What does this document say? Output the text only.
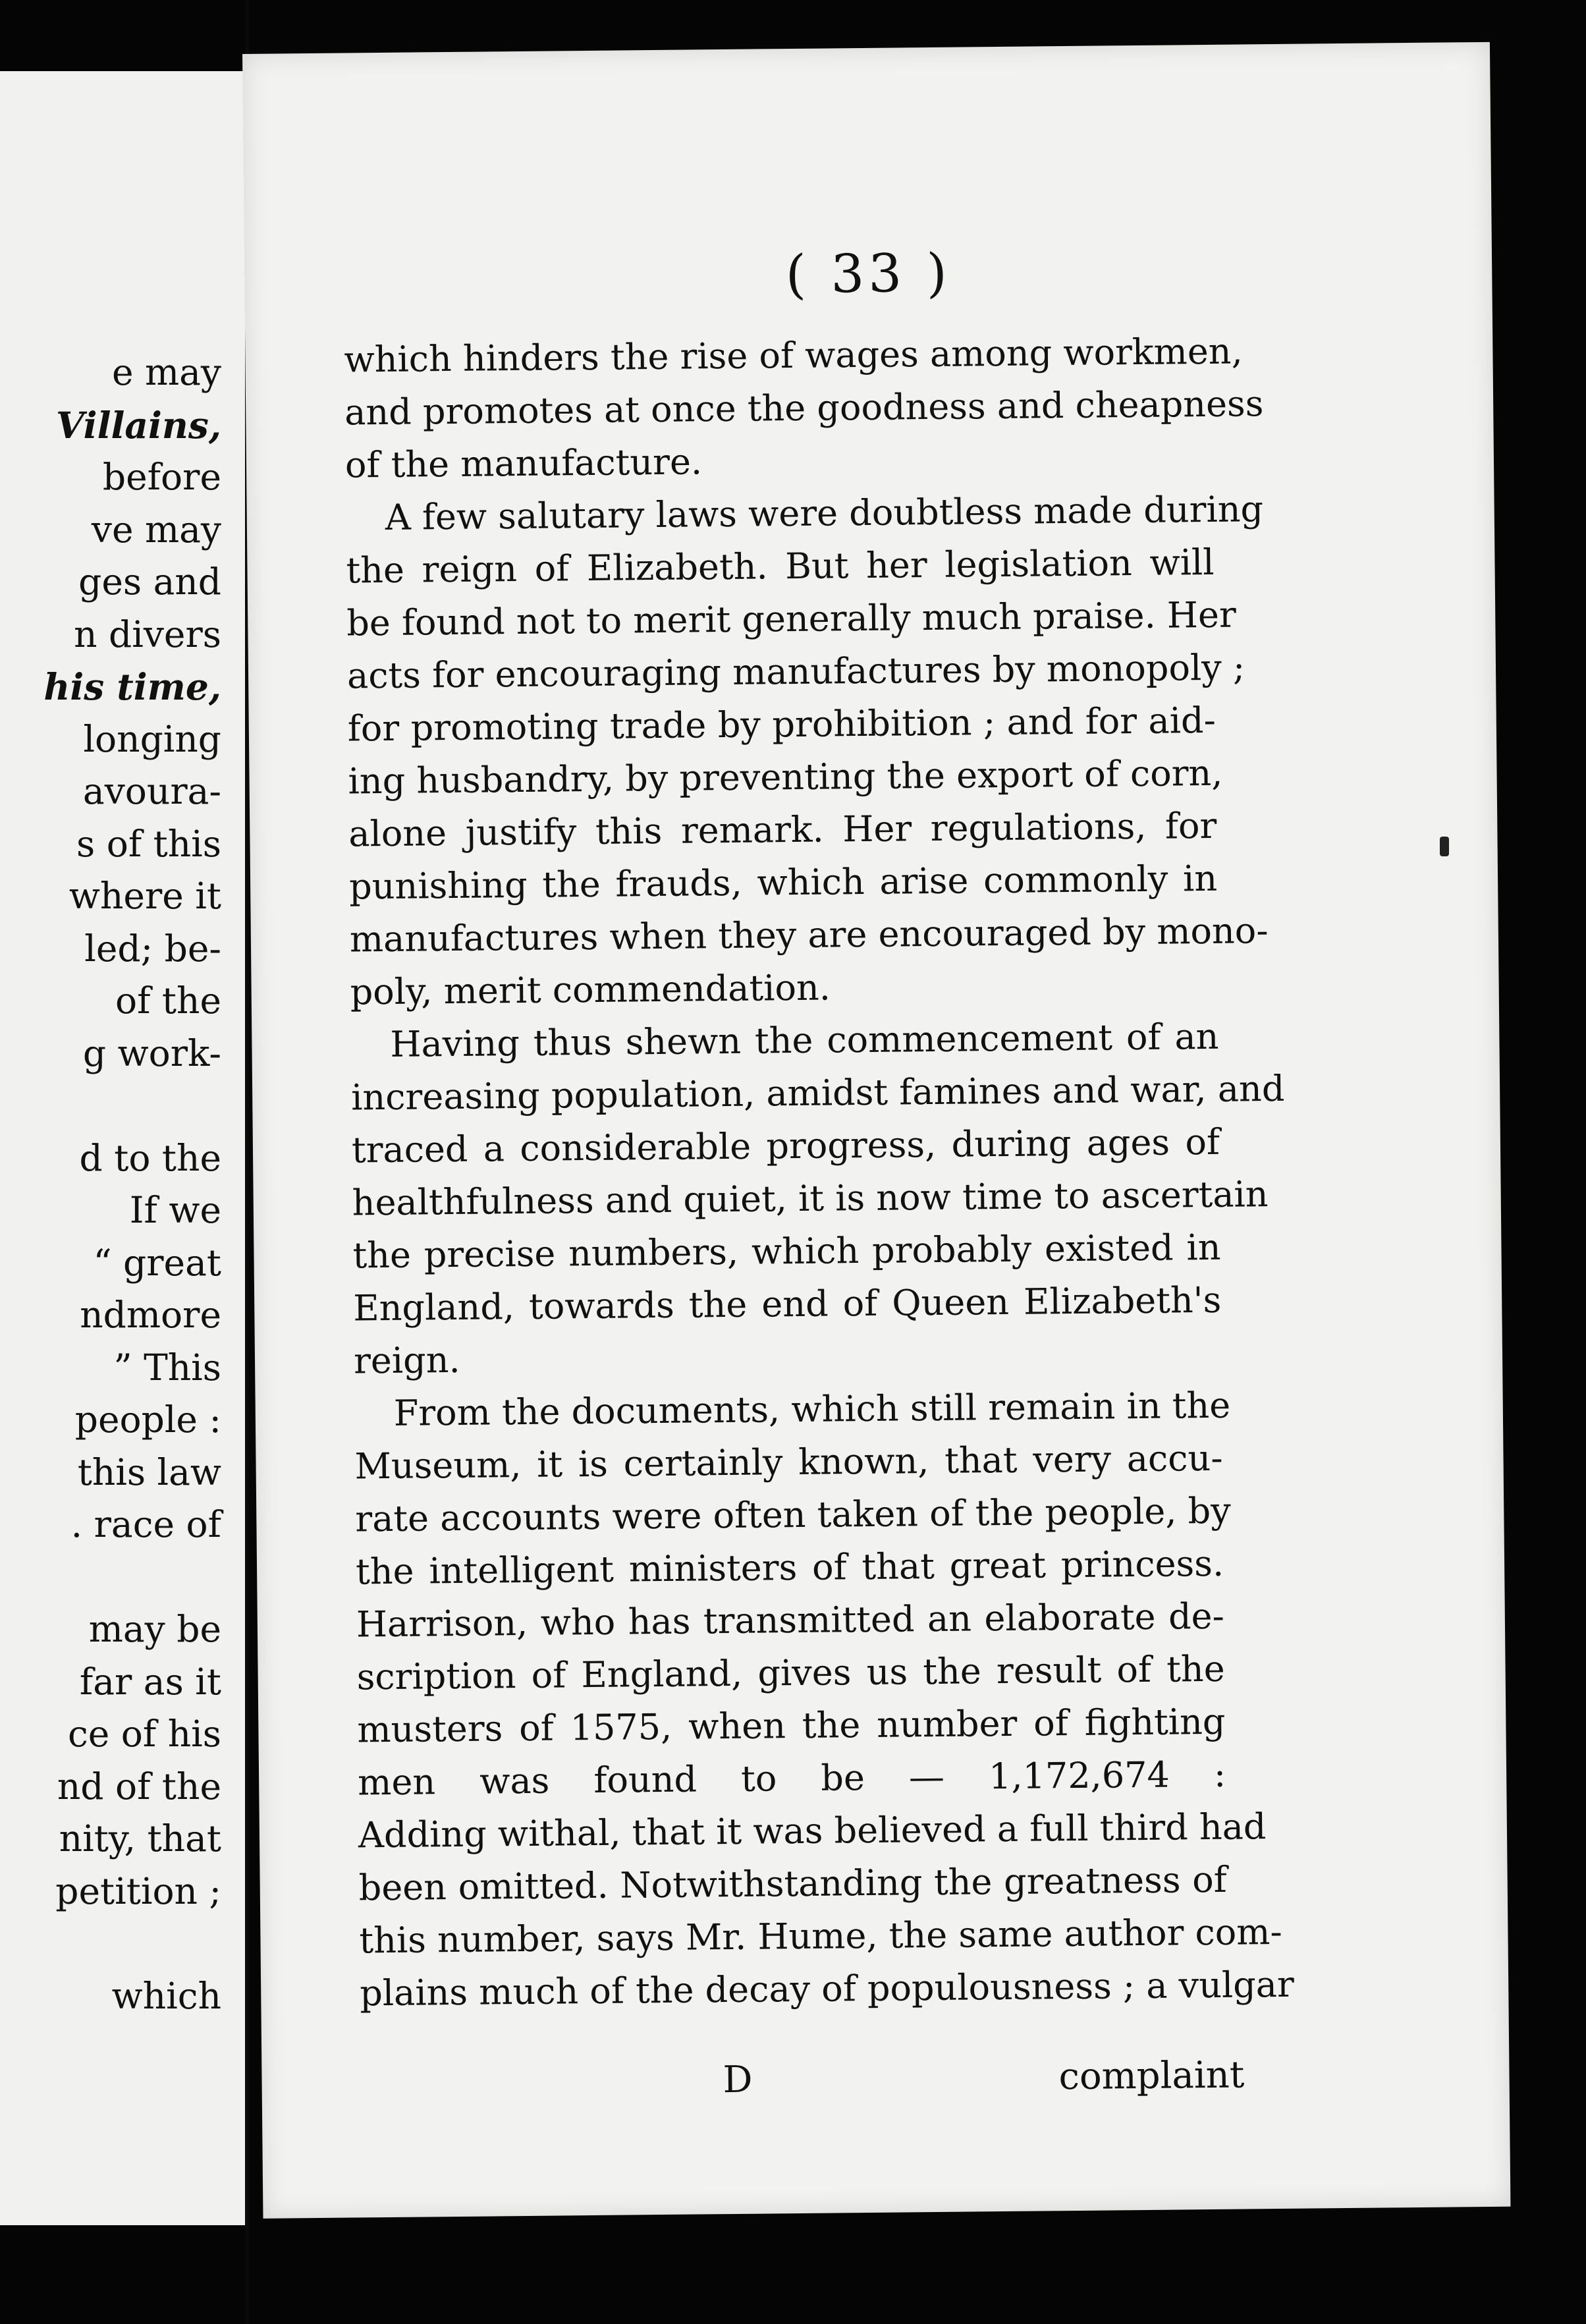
e may
Villains,
before
ve may
ges and
n divers
his time,
longing
avoura-
s of this
where it
led; be-
of the
g work-
d to the
If we
“ great
ndmore
” This
people :
this law
. race of
may be
far as it
ce of his
nd of the
nity, that
petition ;
which
( 33 )
which hinders the rise of wages among workmen,
and promotes at once the goodness and cheapness
of the manufacture.
A few salutary laws were doubtless made during
the reign of Elizabeth. But her legislation will
be found not to merit generally much praise. Her
acts for encouraging manufactures by monopoly ;
for promoting trade by prohibition ; and for aid-
ing husbandry, by preventing the export of corn,
alone justify this remark. Her regulations, for
punishing the frauds, which arise commonly in
manufactures when they are encouraged by mono-
poly, merit commendation.
Having thus shewn the commencement of an
increasing population, amidst famines and war, and
traced a considerable progress, during ages of
healthfulness and quiet, it is now time to ascertain
the precise numbers, which probably existed in
England, towards the end of Queen Elizabeth's
reign.
From the documents, which still remain in the
Museum, it is certainly known, that very accu-
rate accounts were often taken of the people, by
the intelligent ministers of that great princess.
Harrison, who has transmitted an elaborate de-
scription of England, gives us the result of the
musters of 1575, when the number of fighting
men was found to be — 1,172,674 :
Adding withal, that it was believed a full third had
been omitted. Notwithstanding the greatness of
this number, says Mr. Hume, the same author com-
plains much of the decay of populousness ; a vulgar
D	complaint
